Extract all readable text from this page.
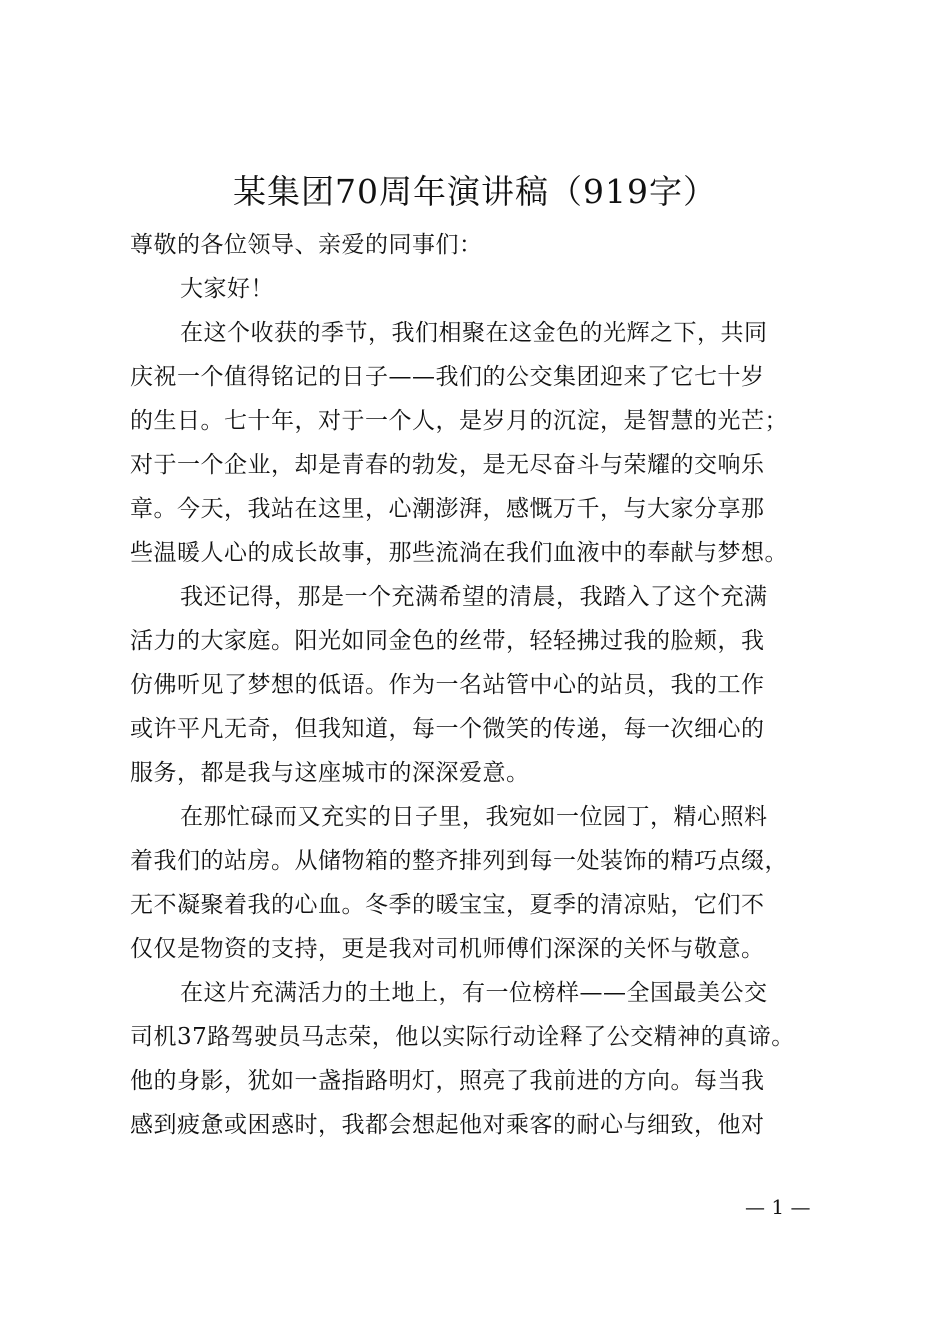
某集团70周年演讲稿（919字）
尊敬的各位领导、亲爱的同事们：
大家好！
在这个收获的季节，我们相聚在这金色的光辉之下，共同
庆祝一个值得铭记的日子——我们的公交集团迎来了它七十岁
的生日。七十年，对于一个人，是岁月的沉淀，是智慧的光芒；
对于一个企业，却是青春的勃发，是无尽奋斗与荣耀的交响乐
章。今天，我站在这里，心潮澎湃，感慨万千，与大家分享那
些温暖人心的成长故事，那些流淌在我们血液中的奉献与梦想。
我还记得，那是一个充满希望的清晨，我踏入了这个充满
活力的大家庭。阳光如同金色的丝带，轻轻拂过我的脸颊，我
仿佛听见了梦想的低语。作为一名站管中心的站员，我的工作
或许平凡无奇，但我知道，每一个微笑的传递，每一次细心的
服务，都是我与这座城市的深深爱意。
在那忙碌而又充实的日子里，我宛如一位园丁，精心照料
着我们的站房。从储物箱的整齐排列到每一处装饰的精巧点缀，
无不凝聚着我的心血。冬季的暖宝宝，夏季的清凉贴，它们不
仅仅是物资的支持，更是我对司机师傅们深深的关怀与敬意。
在这片充满活力的土地上，有一位榜样——全国最美公交
司机37路驾驶员马志荣，他以实际行动诠释了公交精神的真谛。
他的身影，犹如一盏指路明灯，照亮了我前进的方向。每当我
感到疲惫或困惑时，我都会想起他对乘客的耐心与细致，他对
— 1 —
